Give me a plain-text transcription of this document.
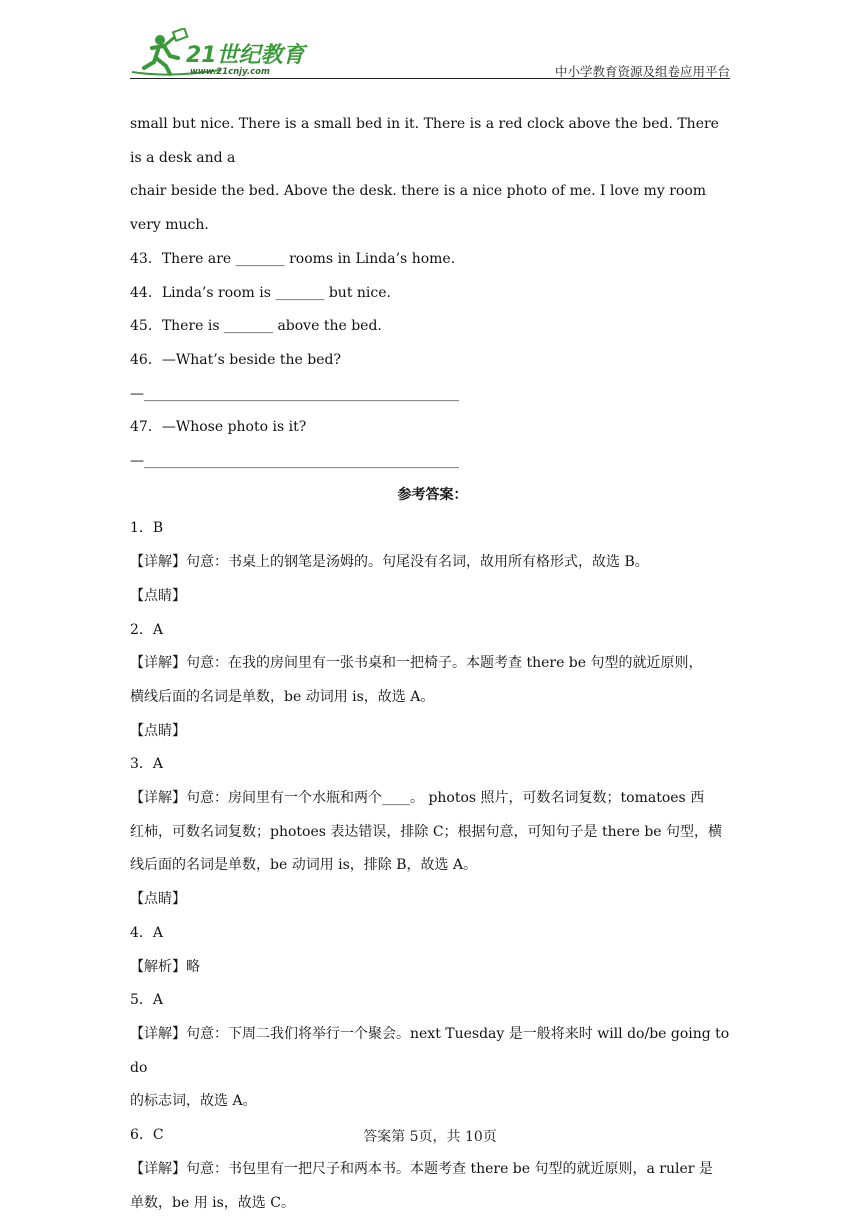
21世纪教育
www.21cnjy.com	中小学教育资源及组卷应用平台

small but nice. There is a small bed in it. There is a red clock above the bed. There is a desk and a

chair beside the bed. Above the desk. there is a nice photo of me. I love my room very much.

43．There are _______ rooms in Linda’s home.

44．Linda’s room is _______ but nice.

45．There is _______ above the bed.

46．—What’s beside the bed?

—_____________________________________________

47．—Whose photo is it?

—_____________________________________________

参考答案：

1．B

【详解】句意：书桌上的钢笔是汤姆的。句尾没有名词，故用所有格形式，故选 B。

【点睛】

2．A

【详解】句意：在我的房间里有一张书桌和一把椅子。本题考查 there be 句型的就近原则，

横线后面的名词是单数，be 动词用 is，故选 A。

【点睛】

3．A

【详解】句意：房间里有一个水瓶和两个____。 photos 照片，可数名词复数；tomatoes 西

红柿，可数名词复数；photoes 表达错误，排除 C；根据句意，可知句子是 there be 句型，横

线后面的名词是单数，be 动词用 is，排除 B，故选 A。

【点睛】

4．A

【解析】略

5．A

【详解】句意：下周二我们将举行一个聚会。next Tuesday 是一般将来时 will do/be going to do

的标志词，故选 A。

6．C

【详解】句意：书包里有一把尺子和两本书。本题考查 there be 句型的就近原则，a ruler 是

单数，be 用 is，故选 C。

答案第 5页，共 10页
